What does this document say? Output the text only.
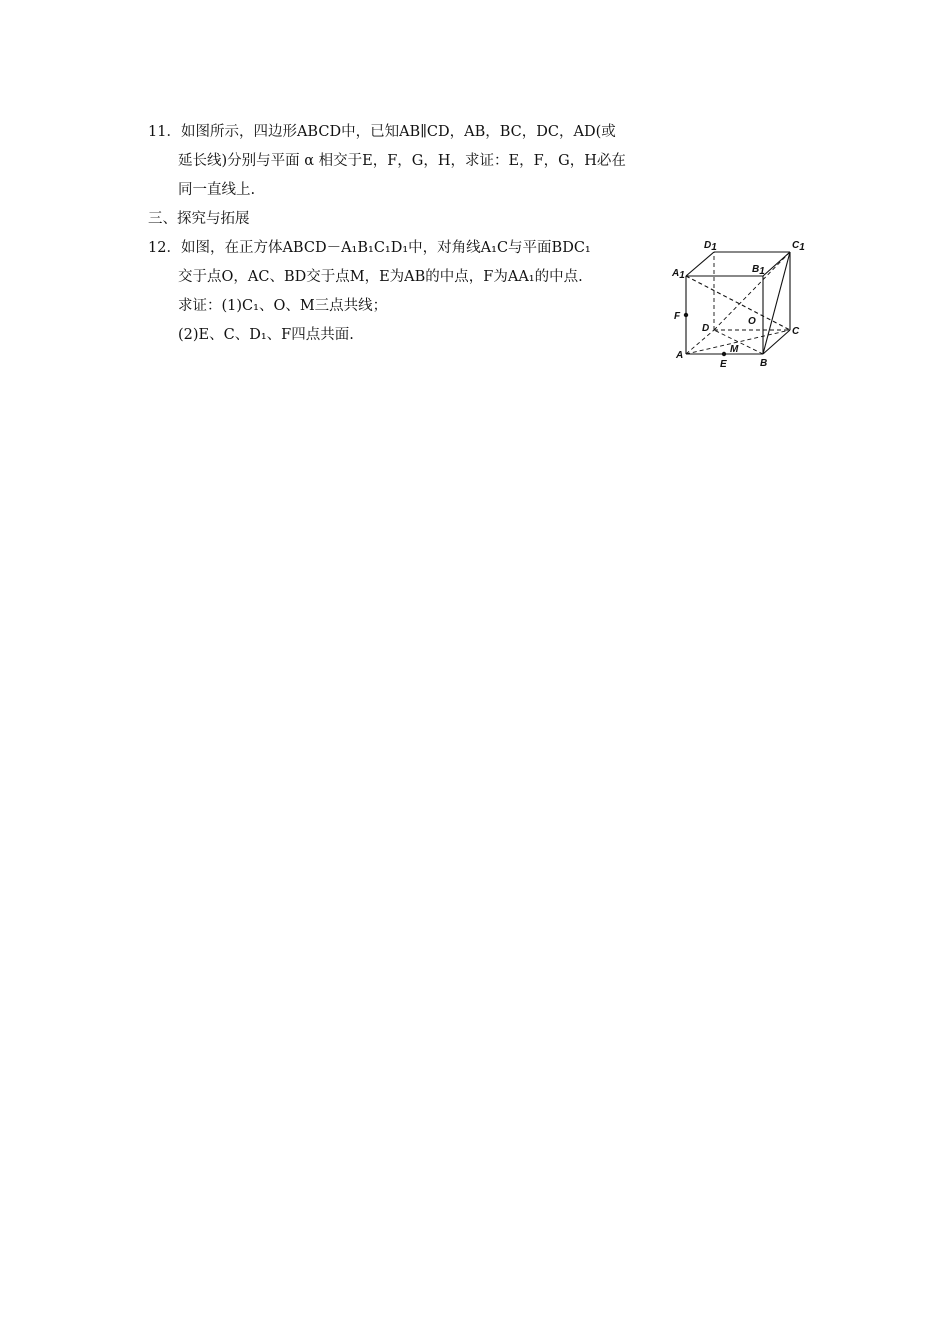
11．如图所示，四边形ABCD中，已知AB∥CD，AB，BC，DC，AD(或
延长线)分别与平面 α 相交于E，F，G，H，求证：E，F，G，H必在
同一直线上.
三、探究与拓展
12．如图，在正方体ABCD－A₁B₁C₁D₁中，对角线A₁C与平面BDC₁
交于点O，AC、BD交于点M，E为AB的中点，F为AA₁的中点.
求证：(1)C₁、O、M三点共线；
(2)E、C、D₁、F四点共面.
D1	C1
A1
B1
F
D
O
C
A
M
E	B
